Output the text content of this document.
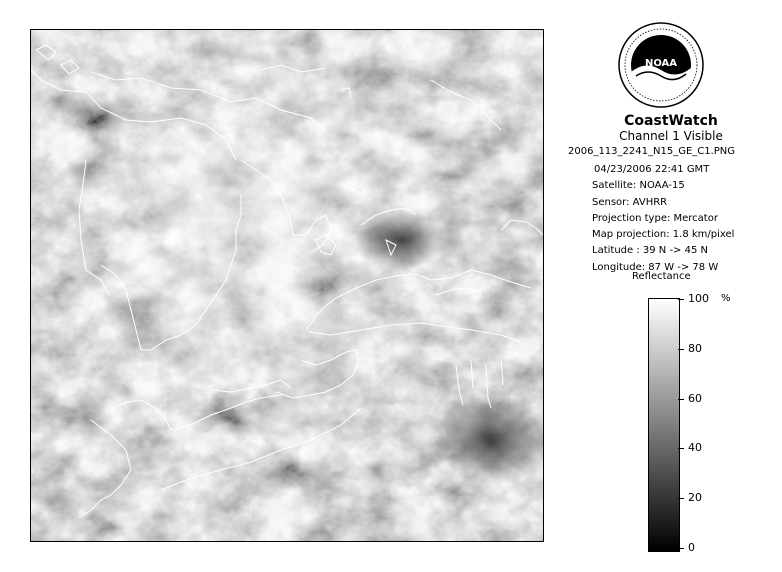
NOAA
CoastWatch
Channel 1 Visible
2006_113_2241_N15_GE_C1.PNG
04/23/2006 22:41 GMT
Satellite: NOAA-15
Sensor: AVHRR
Projection type: Mercator
Map projection: 1.8 km/pixel
Latitude : 39 N -> 45 N
Longitude: 87 W -> 78 W
Reflectance
%
100
80
60
40
20
0
